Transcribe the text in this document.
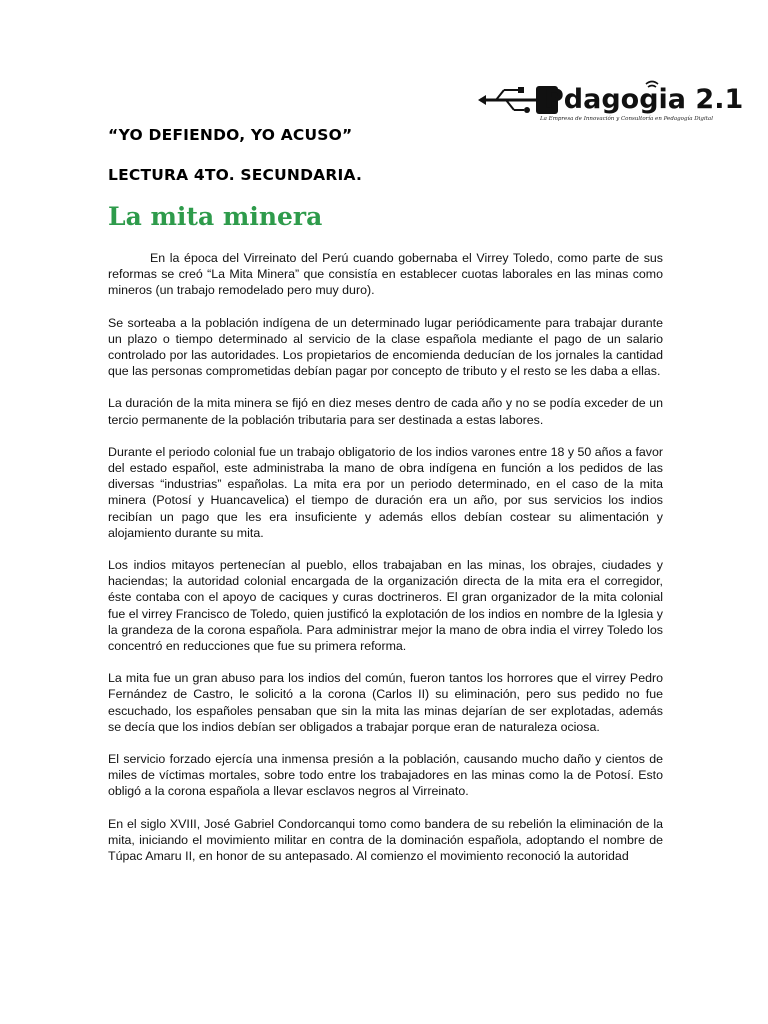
Pdagogia 2.1
La Empresa de Innovación y Consultoría en Pedagogía Digital
“YO DEFIENDO, YO ACUSO”
LECTURA 4TO. SECUNDARIA.
La mita minera

En la época del Virreinato del Perú cuando gobernaba el Virrey Toledo, como parte de sus reformas se creó “La Mita Minera” que consistía en establecer cuotas laborales en las minas como mineros (un trabajo remodelado pero muy duro).

Se sorteaba a la población indígena de un determinado lugar periódicamente para trabajar durante un plazo o tiempo determinado al servicio de la clase española mediante el pago de un salario controlado por las autoridades. Los propietarios de encomienda deducían de los jornales la cantidad que las personas comprometidas debían pagar por concepto de tributo y el resto se les daba a ellas.

La duración de la mita minera se fijó en diez meses dentro de cada año y no se podía exceder de un tercio permanente de la población tributaria para ser destinada a estas labores.

Durante el periodo colonial fue un trabajo obligatorio de los indios varones entre 18 y 50 años a favor del estado español, este administraba la mano de obra indígena en función a los pedidos de las diversas “industrias” españolas. La mita era por un periodo determinado, en el caso de la mita minera (Potosí y Huancavelica) el tiempo de duración era un año, por sus servicios los indios recibían un pago que les era insuficiente y además ellos debían costear su alimentación y alojamiento durante su mita.

Los indios mitayos pertenecían al pueblo, ellos trabajaban en las minas, los obrajes, ciudades y haciendas; la autoridad colonial encargada de la organización directa de la mita era el corregidor, éste contaba con el apoyo de caciques y curas doctrineros. El gran organizador de la mita colonial fue el virrey Francisco de Toledo, quien justificó la explotación de los indios en nombre de la Iglesia y la grandeza de la corona española. Para administrar mejor la mano de obra india el virrey Toledo los concentró en reducciones que fue su primera reforma.

La mita fue un gran abuso para los indios del común, fueron tantos los horrores que el virrey Pedro Fernández de Castro, le solicitó a la corona (Carlos II) su eliminación, pero sus pedido no fue escuchado, los españoles pensaban que sin la mita las minas dejarían de ser explotadas, además se decía que los indios debían ser obligados a trabajar porque eran de naturaleza ociosa.

El servicio forzado ejercía una inmensa presión a la población, causando mucho daño y cientos de miles de víctimas mortales, sobre todo entre los trabajadores en las minas como la de Potosí. Esto obligó a la corona española a llevar esclavos negros al Virreinato.

En el siglo XVIII, José Gabriel Condorcanqui tomo como bandera de su rebelión la eliminación de la mita, iniciando el movimiento militar en contra de la dominación española, adoptando el nombre de Túpac Amaru II, en honor de su antepasado. Al comienzo el movimiento reconoció la autoridad
